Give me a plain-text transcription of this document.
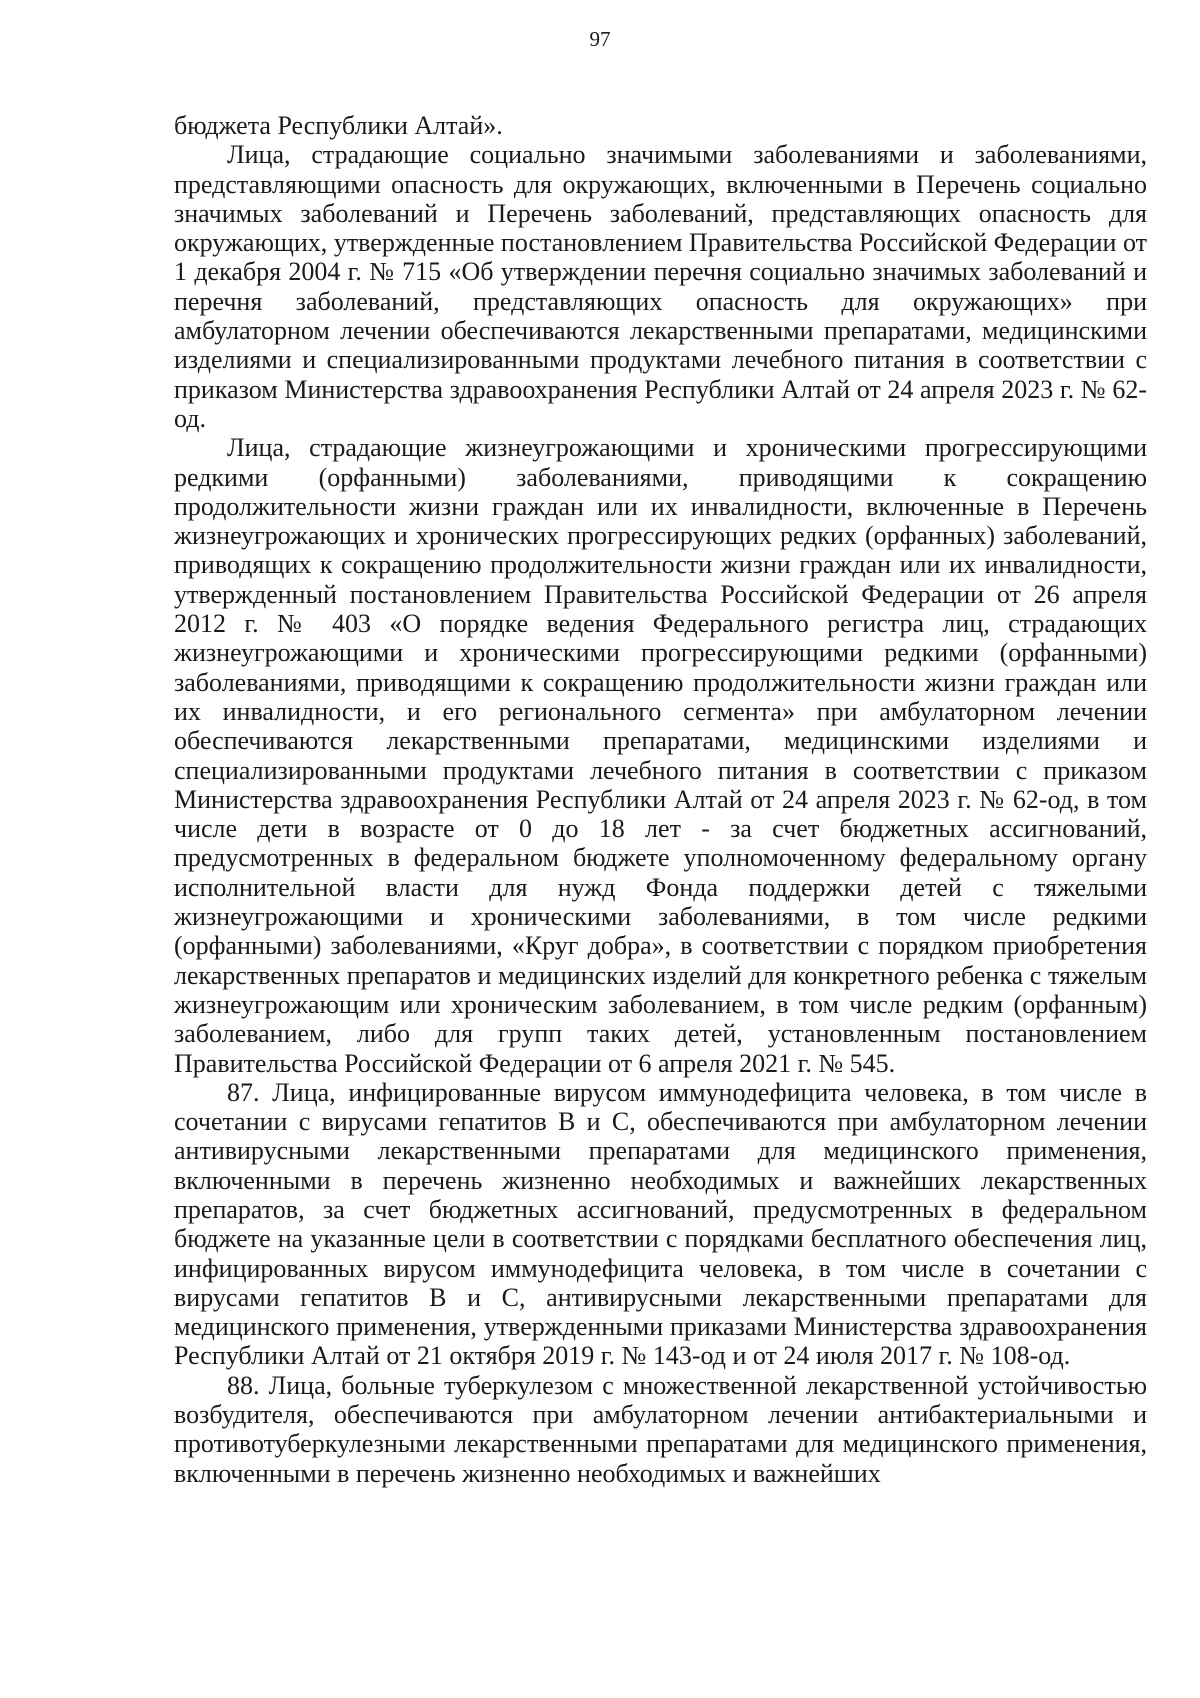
97

бюджета Республики Алтай».

Лица, страдающие социально значимыми заболеваниями и заболеваниями, представляющими опасность для окружающих, включенными в Перечень социально значимых заболеваний и Перечень заболеваний, представляющих опасность для окружающих, утвержденные постановлением Правительства Российской Федерации от 1 декабря 2004 г. № 715 «Об утверждении перечня социально значимых заболеваний и перечня заболеваний, представляющих опасность для окружающих» при амбулаторном лечении обеспечиваются лекарственными препаратами, медицинскими изделиями и специализированными продуктами лечебного питания в соответствии с приказом Министерства здравоохранения Республики Алтай от 24 апреля 2023 г. № 62-од.

Лица, страдающие жизнеугрожающими и хроническими прогрессирующими редкими (орфанными) заболеваниями, приводящими к сокращению продолжительности жизни граждан или их инвалидности, включенные в Перечень жизнеугрожающих и хронических прогрессирующих редких (орфанных) заболеваний, приводящих к сокращению продолжительности жизни граждан или их инвалидности, утвержденный постановлением Правительства Российской Федерации от 26 апреля 2012 г. № 403 «О порядке ведения Федерального регистра лиц, страдающих жизнеугрожающими и хроническими прогрессирующими редкими (орфанными) заболеваниями, приводящими к сокращению продолжительности жизни граждан или их инвалидности, и его регионального сегмента» при амбулаторном лечении обеспечиваются лекарственными препаратами, медицинскими изделиями и специализированными продуктами лечебного питания в соответствии с приказом Министерства здравоохранения Республики Алтай от 24 апреля 2023 г. № 62-од, в том числе дети в возрасте от 0 до 18 лет - за счет бюджетных ассигнований, предусмотренных в федеральном бюджете уполномоченному федеральному органу исполнительной власти для нужд Фонда поддержки детей с тяжелыми жизнеугрожающими и хроническими заболеваниями, в том числе редкими (орфанными) заболеваниями, «Круг добра», в соответствии с порядком приобретения лекарственных препаратов и медицинских изделий для конкретного ребенка с тяжелым жизнеугрожающим или хроническим заболеванием, в том числе редким (орфанным) заболеванием, либо для групп таких детей, установленным постановлением Правительства Российской Федерации от 6 апреля 2021 г. № 545.

87. Лица, инфицированные вирусом иммунодефицита человека, в том числе в сочетании с вирусами гепатитов B и C, обеспечиваются при амбулаторном лечении антивирусными лекарственными препаратами для медицинского применения, включенными в перечень жизненно необходимых и важнейших лекарственных препаратов, за счет бюджетных ассигнований, предусмотренных в федеральном бюджете на указанные цели в соответствии с порядками бесплатного обеспечения лиц, инфицированных вирусом иммунодефицита человека, в том числе в сочетании с вирусами гепатитов B и C, антивирусными лекарственными препаратами для медицинского применения, утвержденными приказами Министерства здравоохранения Республики Алтай от 21 октября 2019 г. № 143-од и от 24 июля 2017 г. № 108-од.

88. Лица, больные туберкулезом с множественной лекарственной устойчивостью возбудителя, обеспечиваются при амбулаторном лечении антибактериальными и противотуберкулезными лекарственными препаратами для медицинского применения, включенными в перечень жизненно необходимых и важнейших
